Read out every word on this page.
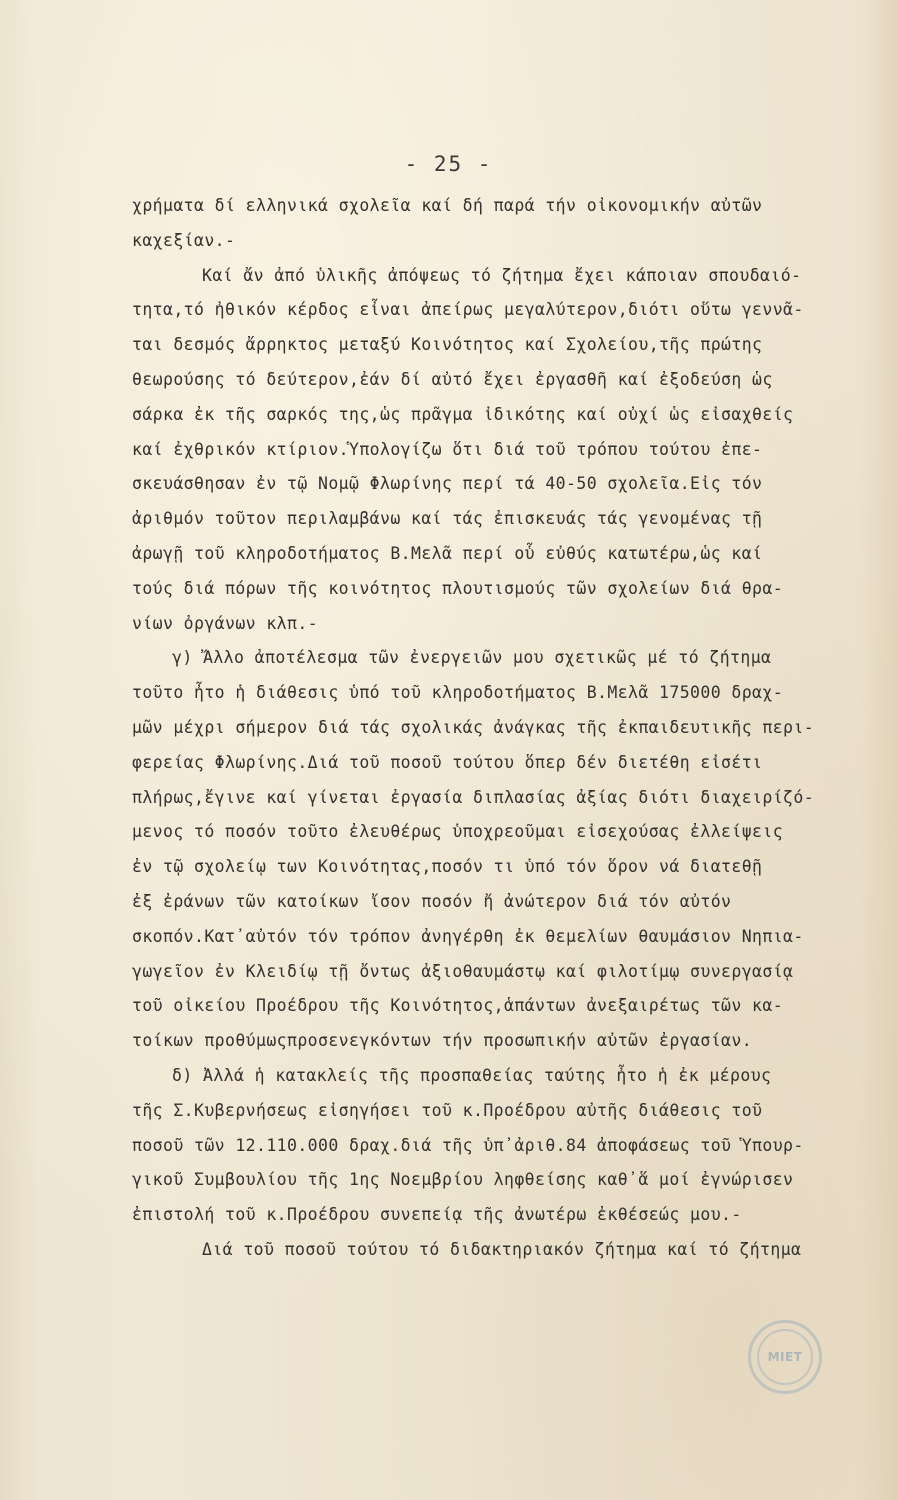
- 25 -
χρήματα δί ελληνικά σχολεῖα καί δή παρά τήν οἰκονομικήν αὐτῶν
καχεξίαν.-
Καί ἄν ἀπό ὑλικῆς ἀπόψεως τό ζήτημα ἔχει κάποιαν σπουδαιό-
τητα,τό ἠθικόν κέρδος εἶναι ἀπείρως μεγαλύτερον,διότι οὕτω γεννᾶ-
ται δεσμός ἄρρηκτος μεταξύ Κοινότητος καί Σχολείου,τῆς πρώτης
θεωρούσης τό δεύτερον,ἐάν δί αὐτό ἔχει ἐργασθῆ καί ἐξοδεύση ὡς
σάρκα ἐκ τῆς σαρκός της,ὡς πρᾶγμα ἰδικότης καί οὐχί ὡς εἰσαχθείς
καί ἐχθρικόν κτίριον.Ὑπολογίζω ὅτι διά τοῦ τρόπου τούτου ἐπε-
σκευάσθησαν ἐν τῷ Νομῷ Φλωρίνης περί τά 40-50 σχολεῖα.Εἰς τόν
ἀριθμόν τοῦτον περιλαμβάνω καί τάς ἐπισκευάς τάς γενομένας τῇ
ἀρωγῇ τοῦ κληροδοτήματος Β.Μελᾶ περί οὗ εὐθύς κατωτέρω,ὡς καί
τούς διά πόρων τῆς κοινότητος πλουτισμούς τῶν σχολείων διά θρα-
νίων ὀργάνων κλπ.-
γ) Ἄλλο ἀποτέλεσμα τῶν ἐνεργειῶν μου σχετικῶς μέ τό ζήτημα
τοῦτο ἦτο ἡ διάθεσις ὑπό τοῦ κληροδοτήματος Β.Μελᾶ 175000 δραχ-
μῶν μέχρι σήμερον διά τάς σχολικάς ἀνάγκας τῆς ἐκπαιδευτικῆς περι-
φερείας Φλωρίνης.Διά τοῦ ποσοῦ τούτου ὅπερ δέν διετέθη εἰσέτι
πλήρως,ἔγινε καί γίνεται ἐργασία διπλασίας ἀξίας διότι διαχειρίζό-
μενος τό ποσόν τοῦτο ἐλευθέρως ὑποχρεοῦμαι εἰσεχούσας ἐλλείψεις
ἐν τῷ σχολείῳ των Κοινότητας,ποσόν τι ὑπό τόν ὅρον νά διατεθῇ
ἐξ ἐράνων τῶν κατοίκων ἴσον ποσόν ἤ ἀνώτερον διά τόν αὐτόν
σκοπόν.Κατ᾿αὐτόν τόν τρόπον ἀνηγέρθη ἐκ θεμελίων θαυμάσιον Νηπια-
γωγεῖον ἐν Κλειδίῳ τῇ ὄντως ἀξιοθαυμάστῳ καί φιλοτίμῳ συνεργασίᾳ
τοῦ οἰκείου Προέδρου τῆς Κοινότητος,ἁπάντων ἀνεξαιρέτως τῶν κα-
τοίκων προθύμωςπροσενεγκόντων τήν προσωπικήν αὐτῶν ἐργασίαν.
δ) Ἀλλά ἡ κατακλείς τῆς προσπαθείας ταύτης ἦτο ἡ ἐκ μέρους
τῆς Σ.Κυβερνήσεως εἰσηγήσει τοῦ κ.Προέδρου αὐτῆς διάθεσις τοῦ
ποσοῦ τῶν 12.110.000 δραχ.διά τῆς ὑπ᾿ἀριθ.84 ἀποφάσεως τοῦ Ὑπουρ-
γικοῦ Συμβουλίου τῆς 1ης Νοεμβρίου ληφθείσης καθ᾿ἅ μοί ἐγνώρισεν
ἐπιστολή τοῦ κ.Προέδρου συνεπείᾳ τῆς ἀνωτέρω ἐκθέσεώς μου.-
Διά τοῦ ποσοῦ τούτου τό διδακτηριακόν ζήτημα καί τό ζήτημα
ΜΙΕΤ
